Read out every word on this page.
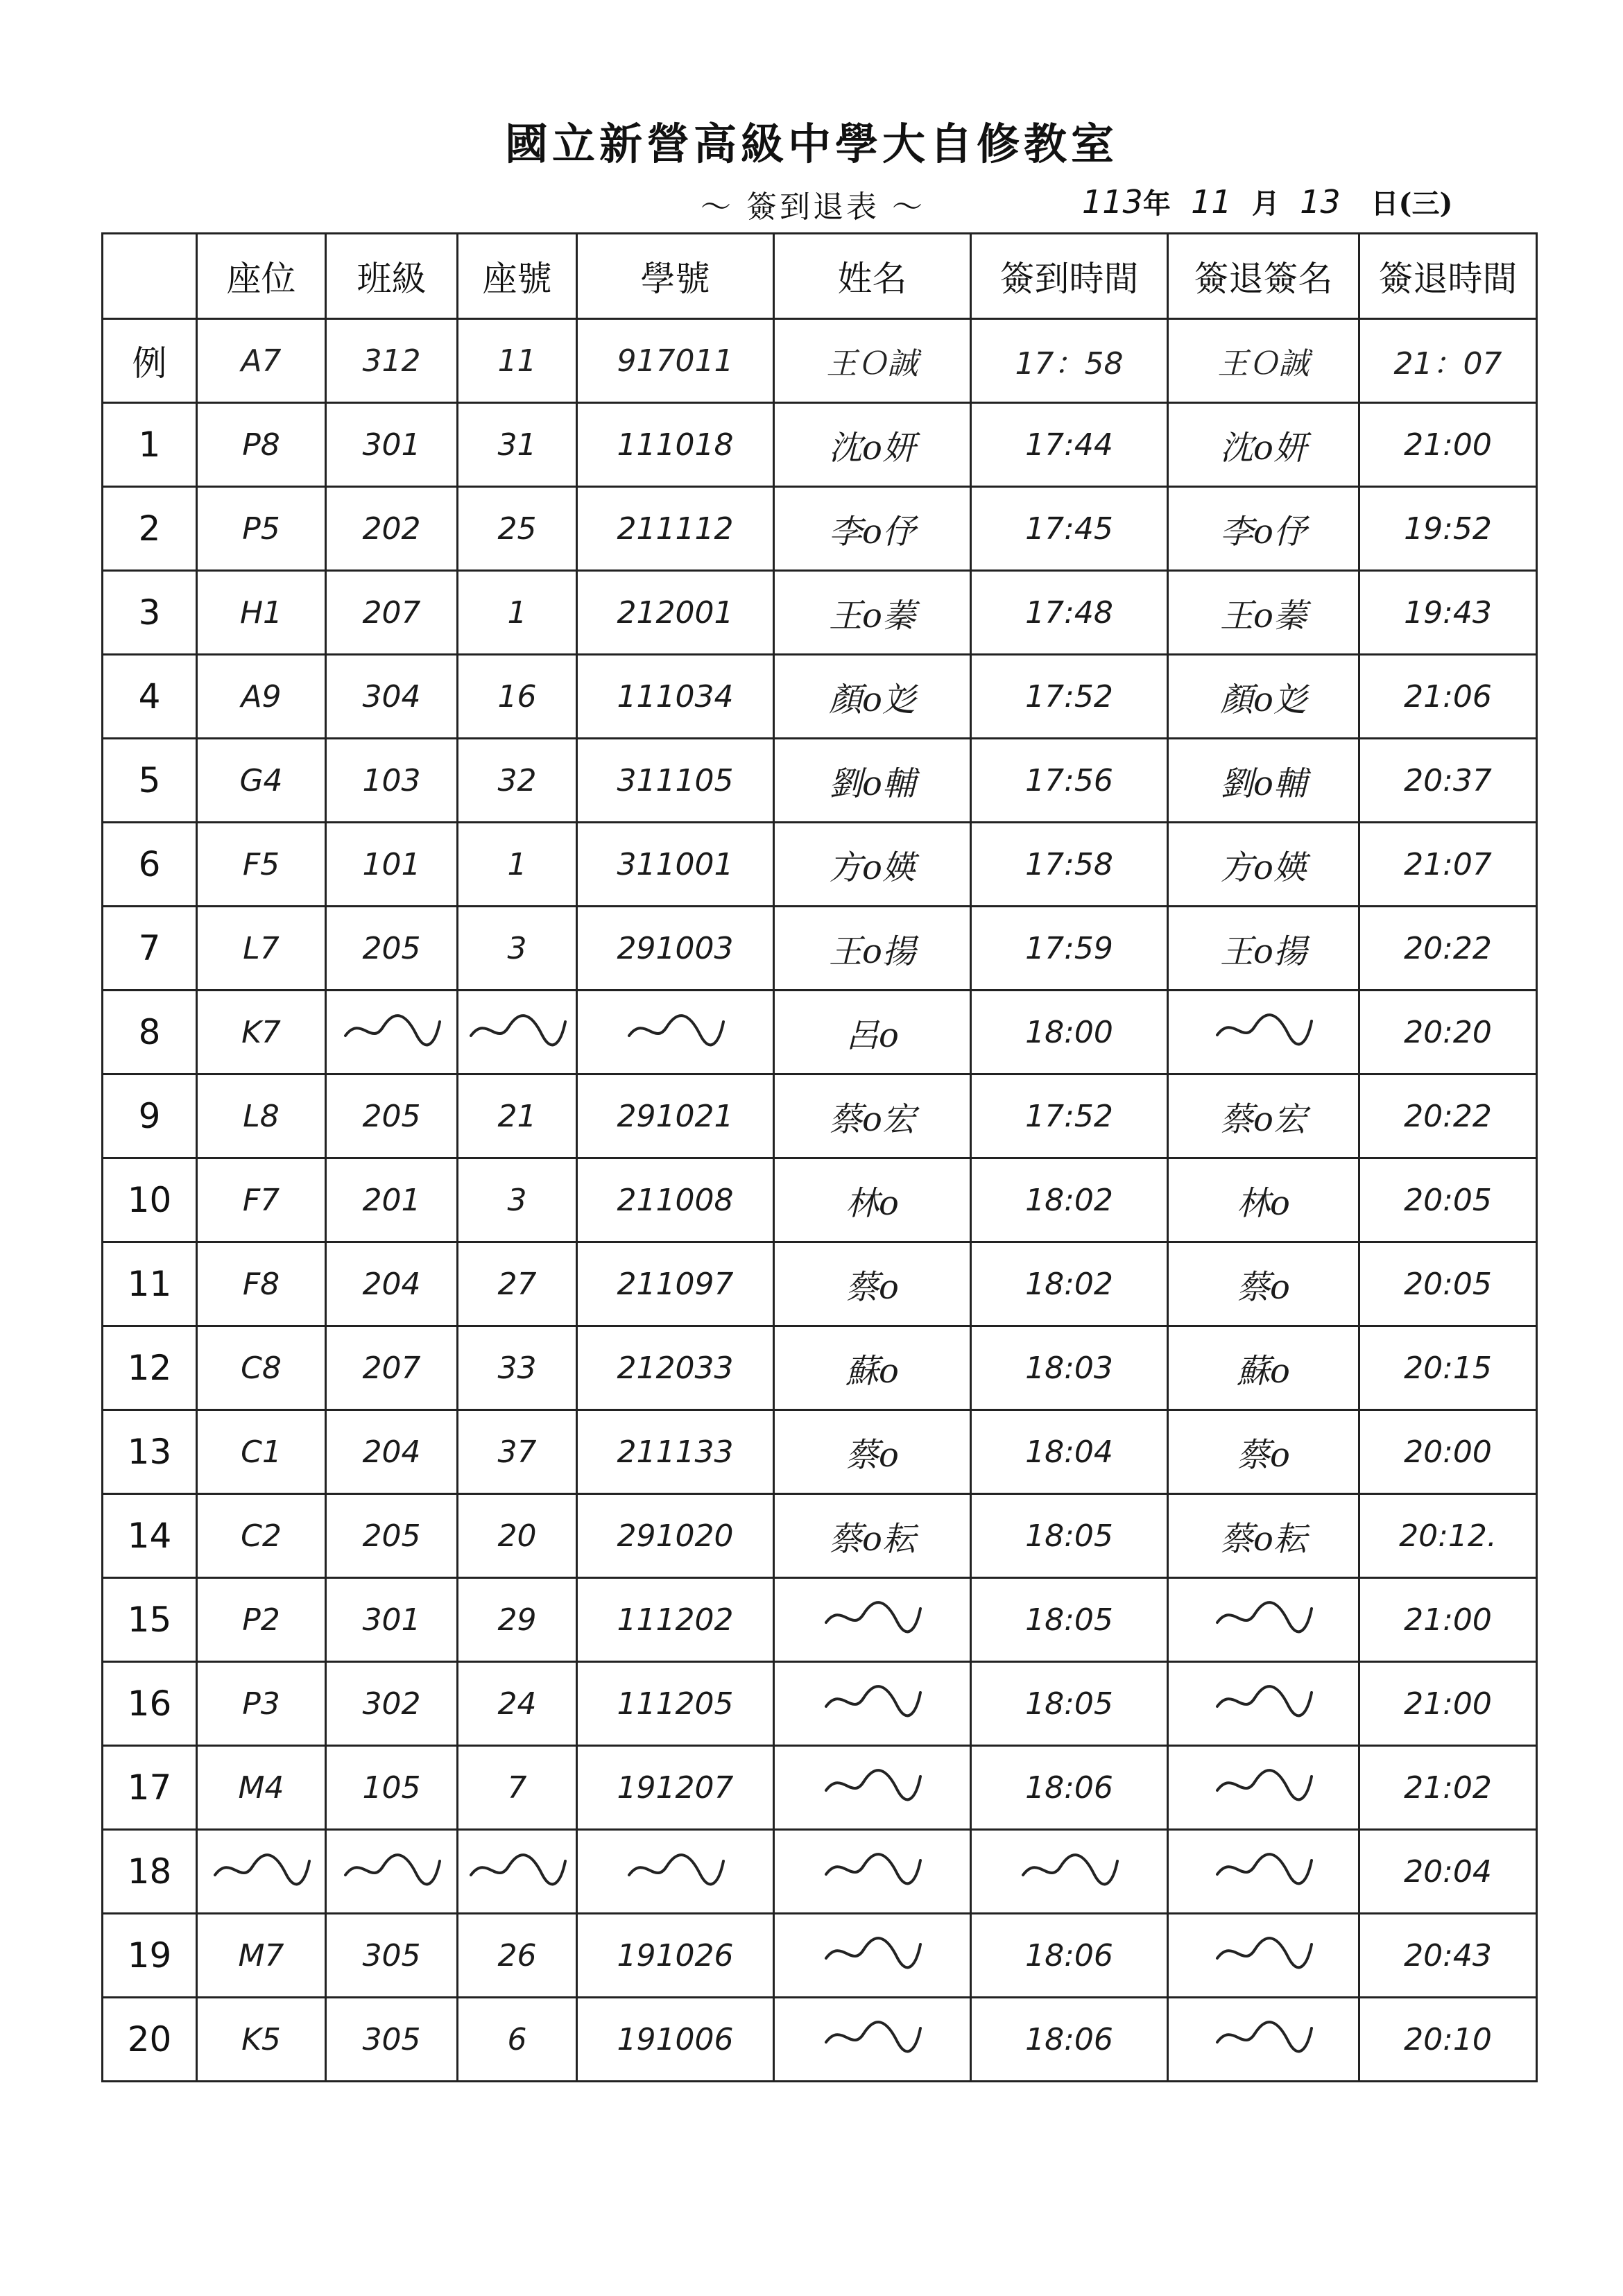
國立新營高級中學大自修教室
～ 簽到退表 ～	113年 11 月 13 日(三)
	座位	班級	座號	學號	姓名	簽到時間	簽退簽名	簽退時間
例	A7	312	11	917011	王Ｏ誠	17：58	王Ｏ誠	21：07
1	P8	301	31	111018	沈o妍	17:44	沈o妍	21:00
2	P5	202	25	211112	李o伃	17:45	李o伃	19:52
3	H1	207	1	212001	王o蓁	17:48	王o蓁	19:43
4	A9	304	16	111034	顏o彣	17:52	顏o彣	21:06
5	G4	103	32	311105	劉o輔	17:56	劉o輔	20:37
6	F5	101	1	311001	方o媖	17:58	方o媖	21:07
7	L7	205	3	291003	王o揚	17:59	王o揚	20:22
8	K7				呂o	18:00		20:20
9	L8	205	21	291021	蔡o宏	17:52	蔡o宏	20:22
10	F7	201	3	211008	林o	18:02	林o	20:05
11	F8	204	27	211097	蔡o	18:02	蔡o	20:05
12	C8	207	33	212033	蘇o	18:03	蘇o	20:15
13	C1	204	37	211133	蔡o	18:04	蔡o	20:00
14	C2	205	20	291020	蔡o耘	18:05	蔡o耘	20:12.
15	P2	301	29	111202		18:05		21:00
16	P3	302	24	111205		18:05		21:00
17	M4	105	7	191207		18:06		21:02
18								20:04
19	M7	305	26	191026		18:06		20:43
20	K5	305	6	191006		18:06		20:10
